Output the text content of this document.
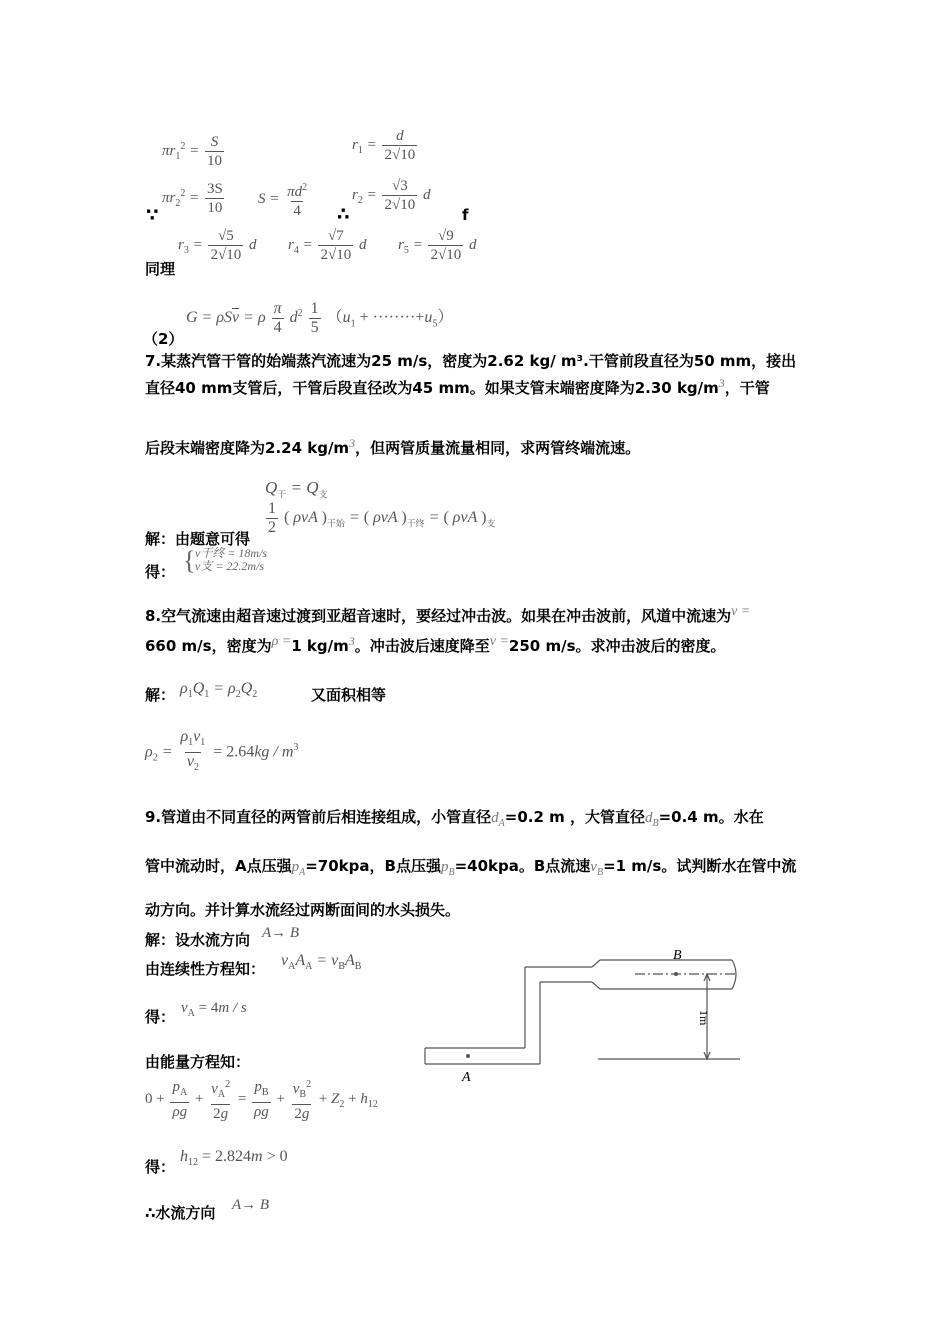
$\pi r_1^2 = \frac{S}{10}$	$r_1 = \frac{d}{2√10}$
∵
$\pi r_2^2 = \frac{3S}{10}$ $S = \frac{\pi d^2}{4}$ ∴
$r_2 = \frac{√3}{2√10}$ d
f
同理
$r_3 = \frac{√5}{2√10}$ d $r_4 = \frac{√7}{2√10}$ d $r_5 = \frac{√9}{2√10}$ d
$G = \rho S\overline{v} = \rho \frac{\pi}{4} d^2 \frac{1}{5} (u_1 + \cdot\cdot\cdot\cdot\cdot\cdot\cdot\cdot+u_5)$
（2）
7.某蒸汽管干管的始端蒸汽流速为25 m/s，密度为2.62 kg/ m³.干管前段直径为50 mm，接出直径40 mm支管后，干管后段直径改为45 mm。如果支管末端密度降为2.30 $kg/m^3$，干管
后段末端密度降为2.24 $kg/m^3$，但两管质量流量相同，求两管终端流速。
$Q_干 = Q_支$
$\frac{1}{2}$ ( ρvA )$_{干始}$ = ( ρvA )$_{干终}$ = ( ρvA )$_支$
解：由题意可得
得： { v干终 = 18m/s
v支 = 22.2m/s
8.空气流速由超音速过渡到亚超音速时，要经过冲击波。如果在冲击波前，风道中流速为$^{v =}$
660 m/s，密度为$^{\rho =}$1 $kg/m^3$。冲击波后速度降至$^{v =}$250 m/s。求冲击波后的密度。
解： $\rho_1Q_1 = \rho_2Q_2$	又面积相等
$\rho_2 = \frac{\rho_1v_1}{v_2} = 2.64kg / m^3$
9.管道由不同直径的两管前后相连接组成，小管直径$d_A=0.2$ m ，大管直径$d_B=0.4$ m。水在
管中流动时，A点压强$p_A=70kpa$，B点压强$p_B=40kpa$。B点流速$v_B=1$ m/s。试判断水在管中流
动方向。并计算水流经过两断面间的水头损失。
解：设水流方向 A→ B
由连续性方程知： $v_AA_A = v_BA_B$
得： $v_A = 4m / s$
由能量方程知：
$0 + \frac{p_A}{\rho g} + \frac{v_A^2}{2g} = \frac{p_B}{\rho g} + \frac{v_B^2}{2g} + Z_2 + h_{12}$
得：
$h_{12} = 2.824m > 0$
∴水流方向 A→ B
B
A
1m
